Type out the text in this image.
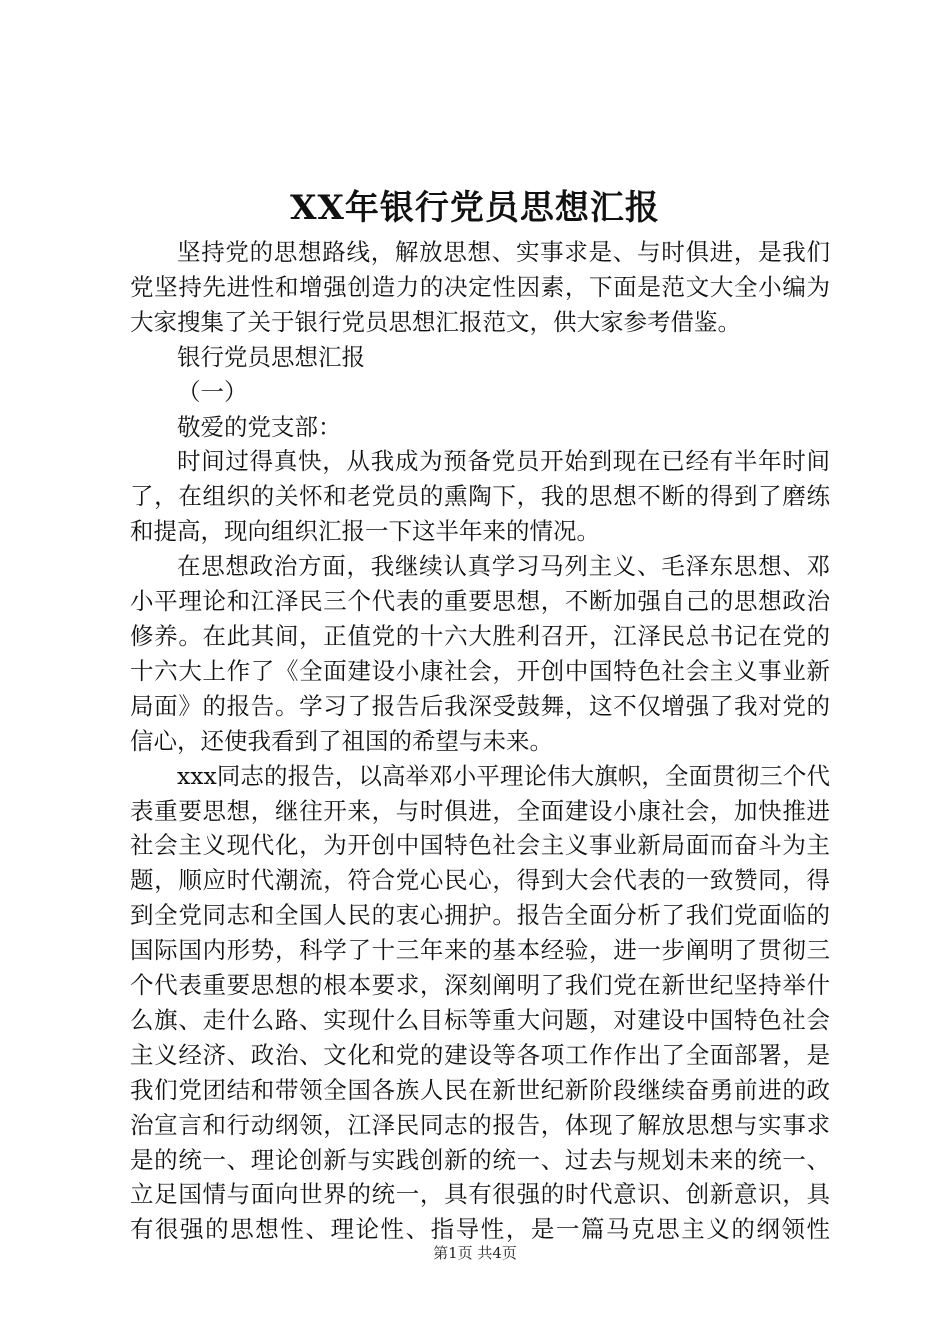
XX年银行党员思想汇报

坚持党的思想路线，解放思想、实事求是、与时俱进，是我们党坚持先进性和增强创造力的决定性因素，下面是范文大全小编为大家搜集了关于银行党员思想汇报范文，供大家参考借鉴。

银行党员思想汇报

（一）

敬爱的党支部：

时间过得真快，从我成为预备党员开始到现在已经有半年时间了，在组织的关怀和老党员的熏陶下，我的思想不断的得到了磨练和提高，现向组织汇报一下这半年来的情况。

在思想政治方面，我继续认真学习马列主义、毛泽东思想、邓小平理论和江泽民三个代表的重要思想，不断加强自己的思想政治修养。在此其间，正值党的十六大胜利召开，江泽民总书记在党的十六大上作了《全面建设小康社会，开创中国特色社会主义事业新局面》的报告。学习了报告后我深受鼓舞，这不仅增强了我对党的信心，还使我看到了祖国的希望与未来。

xxx同志的报告，以高举邓小平理论伟大旗帜，全面贯彻三个代表重要思想，继往开来，与时俱进，全面建设小康社会，加快推进社会主义现代化，为开创中国特色社会主义事业新局面而奋斗为主题，顺应时代潮流，符合党心民心，得到大会代表的一致赞同，得到全党同志和全国人民的衷心拥护。报告全面分析了我们党面临的国际国内形势，科学了十三年来的基本经验，进一步阐明了贯彻三个代表重要思想的根本要求，深刻阐明了我们党在新世纪坚持举什么旗、走什么路、实现什么目标等重大问题，对建设中国特色社会主义经济、政治、文化和党的建设等各项工作作出了全面部署，是我们党团结和带领全国各族人民在新世纪新阶段继续奋勇前进的政治宣言和行动纲领，江泽民同志的报告，体现了解放思想与实事求是的统一、理论创新与实践创新的统一、过去与规划未来的统一、立足国情与面向世界的统一，具有很强的时代意识、创新意识，具有很强的思想性、理论性、指导性，是一篇马克思主义的纲领性

第1页 共4页
